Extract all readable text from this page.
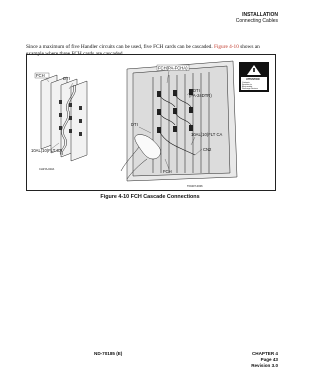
INSTALLATION
Connecting Cables
Since a maximum of five Handler circuits can be used, five FCH cards can be cascaded. Figure 4-10 shows an example where three FCH cards are cascaded.
FCH
DTI
10AL(10)FLT CA
CH2TA-023A
FCH(PA-FCHA)
DTI
(PA-24DTR)
DTI
10AL(10)FLT CA
CN2
FCH
TF0407-0006
ATTENTION
Contents
Sensitive to
Electrostatic
Discharge Devices
Figure 4-10 FCH Cascade Connections
ND-70185 (E)	CHAPTER 4
Page 43
Revision 3.0
